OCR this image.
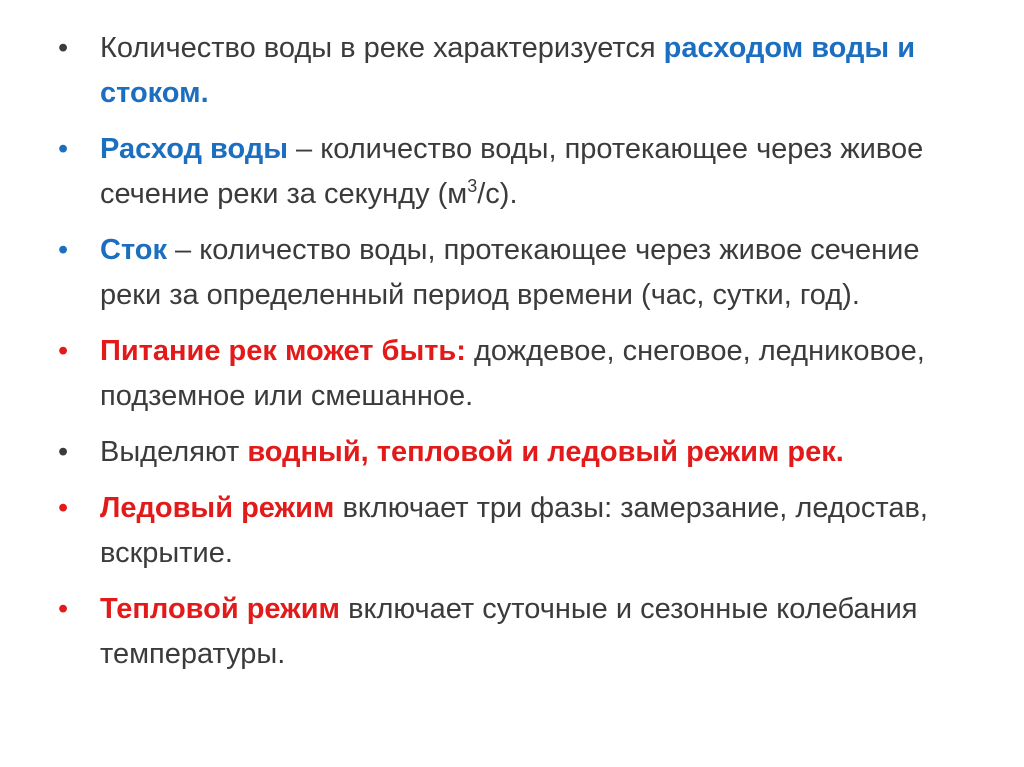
• Количество воды в реке характеризуется расходом воды и стоком.
• Расход воды – количество воды, протекающее через живое сечение реки за секунду $(м^3/с)$.
• Сток – количество воды, протекающее через живое сечение реки за определенный период времени (час, сутки, год).
• Питание рек может быть: дождевое, снеговое, ледниковое, подземное или смешанное.
• Выделяют водный, тепловой и ледовый режим рек.
• Ледовый режим включает три фазы: замерзание, ледостав, вскрытие.
• Тепловой режим включает суточные и сезонные колебания температуры.
